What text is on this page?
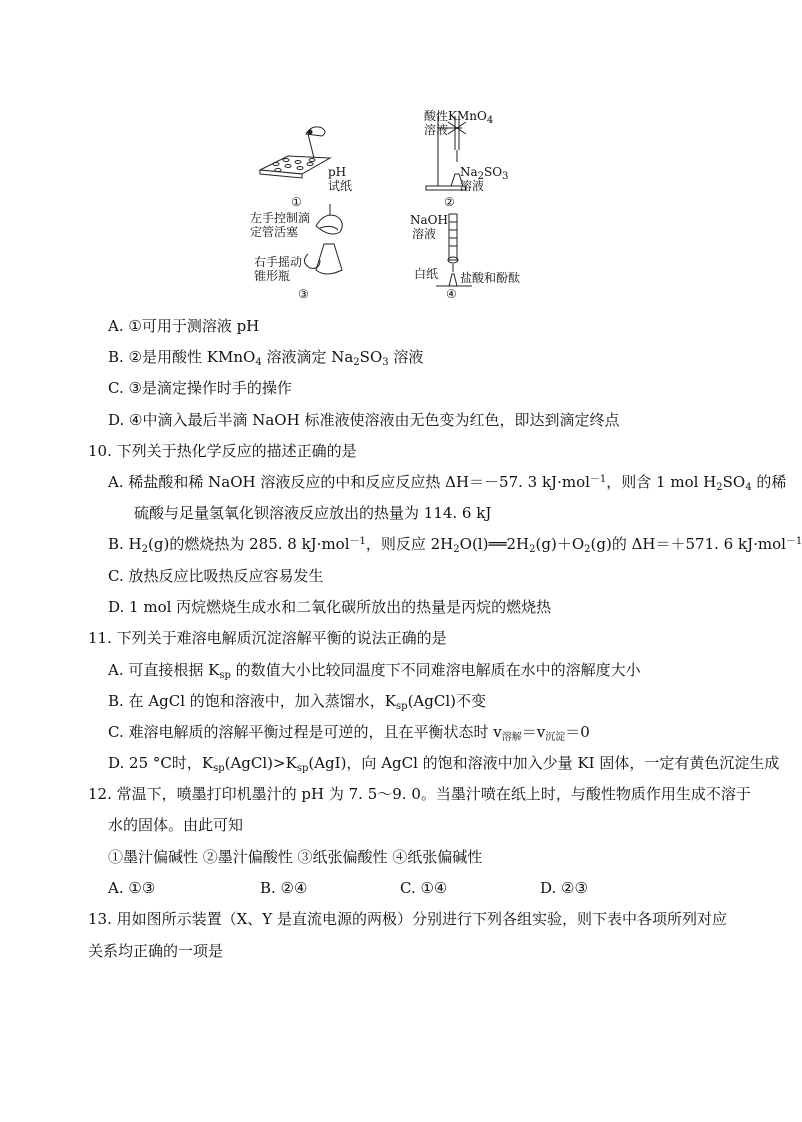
pH
试纸
①
酸性KMnO$_4$
溶液
$Na_2SO_3$
溶液
②
左手控制滴
定管活塞
右手摇动
锥形瓶
③
NaOH
溶液
白纸 盐酸和酚酞
④
A. ①可用于测溶液 pH
B. ②是用酸性 KMnO$_4$ 溶液滴定 $Na_2SO_3$ 溶液
C. ③是滴定操作时手的操作
D. ④中滴入最后半滴 NaOH 标准液使溶液由无色变为红色，即达到滴定终点
10. 下列关于热化学反应的描述正确的是
A. 稀盐酸和稀 NaOH 溶液反应的中和反应反应热 ΔH＝－57. 3 kJ·mol$^{-1}$，则含 1 mol $H_2SO_4$ 的稀
硫酸与足量氢氧化钡溶液反应放出的热量为 114. 6 kJ
B. $H_2(g)$的燃烧热为 285. 8 kJ·mol$^{-1}$，则反应 $2H_2O(l)══2H_2(g)+O_2(g)$的 ΔH＝＋571. 6 kJ·mol$^{-1}$
C. 放热反应比吸热反应容易发生
D. 1 mol 丙烷燃烧生成水和二氧化碳所放出的热量是丙烷的燃烧热
11. 下列关于难溶电解质沉淀溶解平衡的说法正确的是
A. 可直接根据 $K_{sp}$ 的数值大小比较同温度下不同难溶电解质在水中的溶解度大小
B. 在 AgCl 的饱和溶液中，加入蒸馏水，$K_{sp}(AgCl)$不变
C. 难溶电解质的溶解平衡过程是可逆的，且在平衡状态时 $v_{溶解}=v_{沉淀}=0$
D. 25 °C时，$K_{sp}(AgCl)>K_{sp}(AgI)$，向 AgCl 的饱和溶液中加入少量 KI 固体，一定有黄色沉淀生成
12. 常温下，喷墨打印机墨汁的 pH 为 7. 5～9. 0。当墨汁喷在纸上时，与酸性物质作用生成不溶于
水的固体。由此可知
①墨汁偏碱性 ②墨汁偏酸性 ③纸张偏酸性 ④纸张偏碱性
A. ①③	B. ②④	C. ①④	D. ②③
13. 用如图所示装置（X、Y 是直流电源的两极）分别进行下列各组实验，则下表中各项所列对应
关系均正确的一项是
